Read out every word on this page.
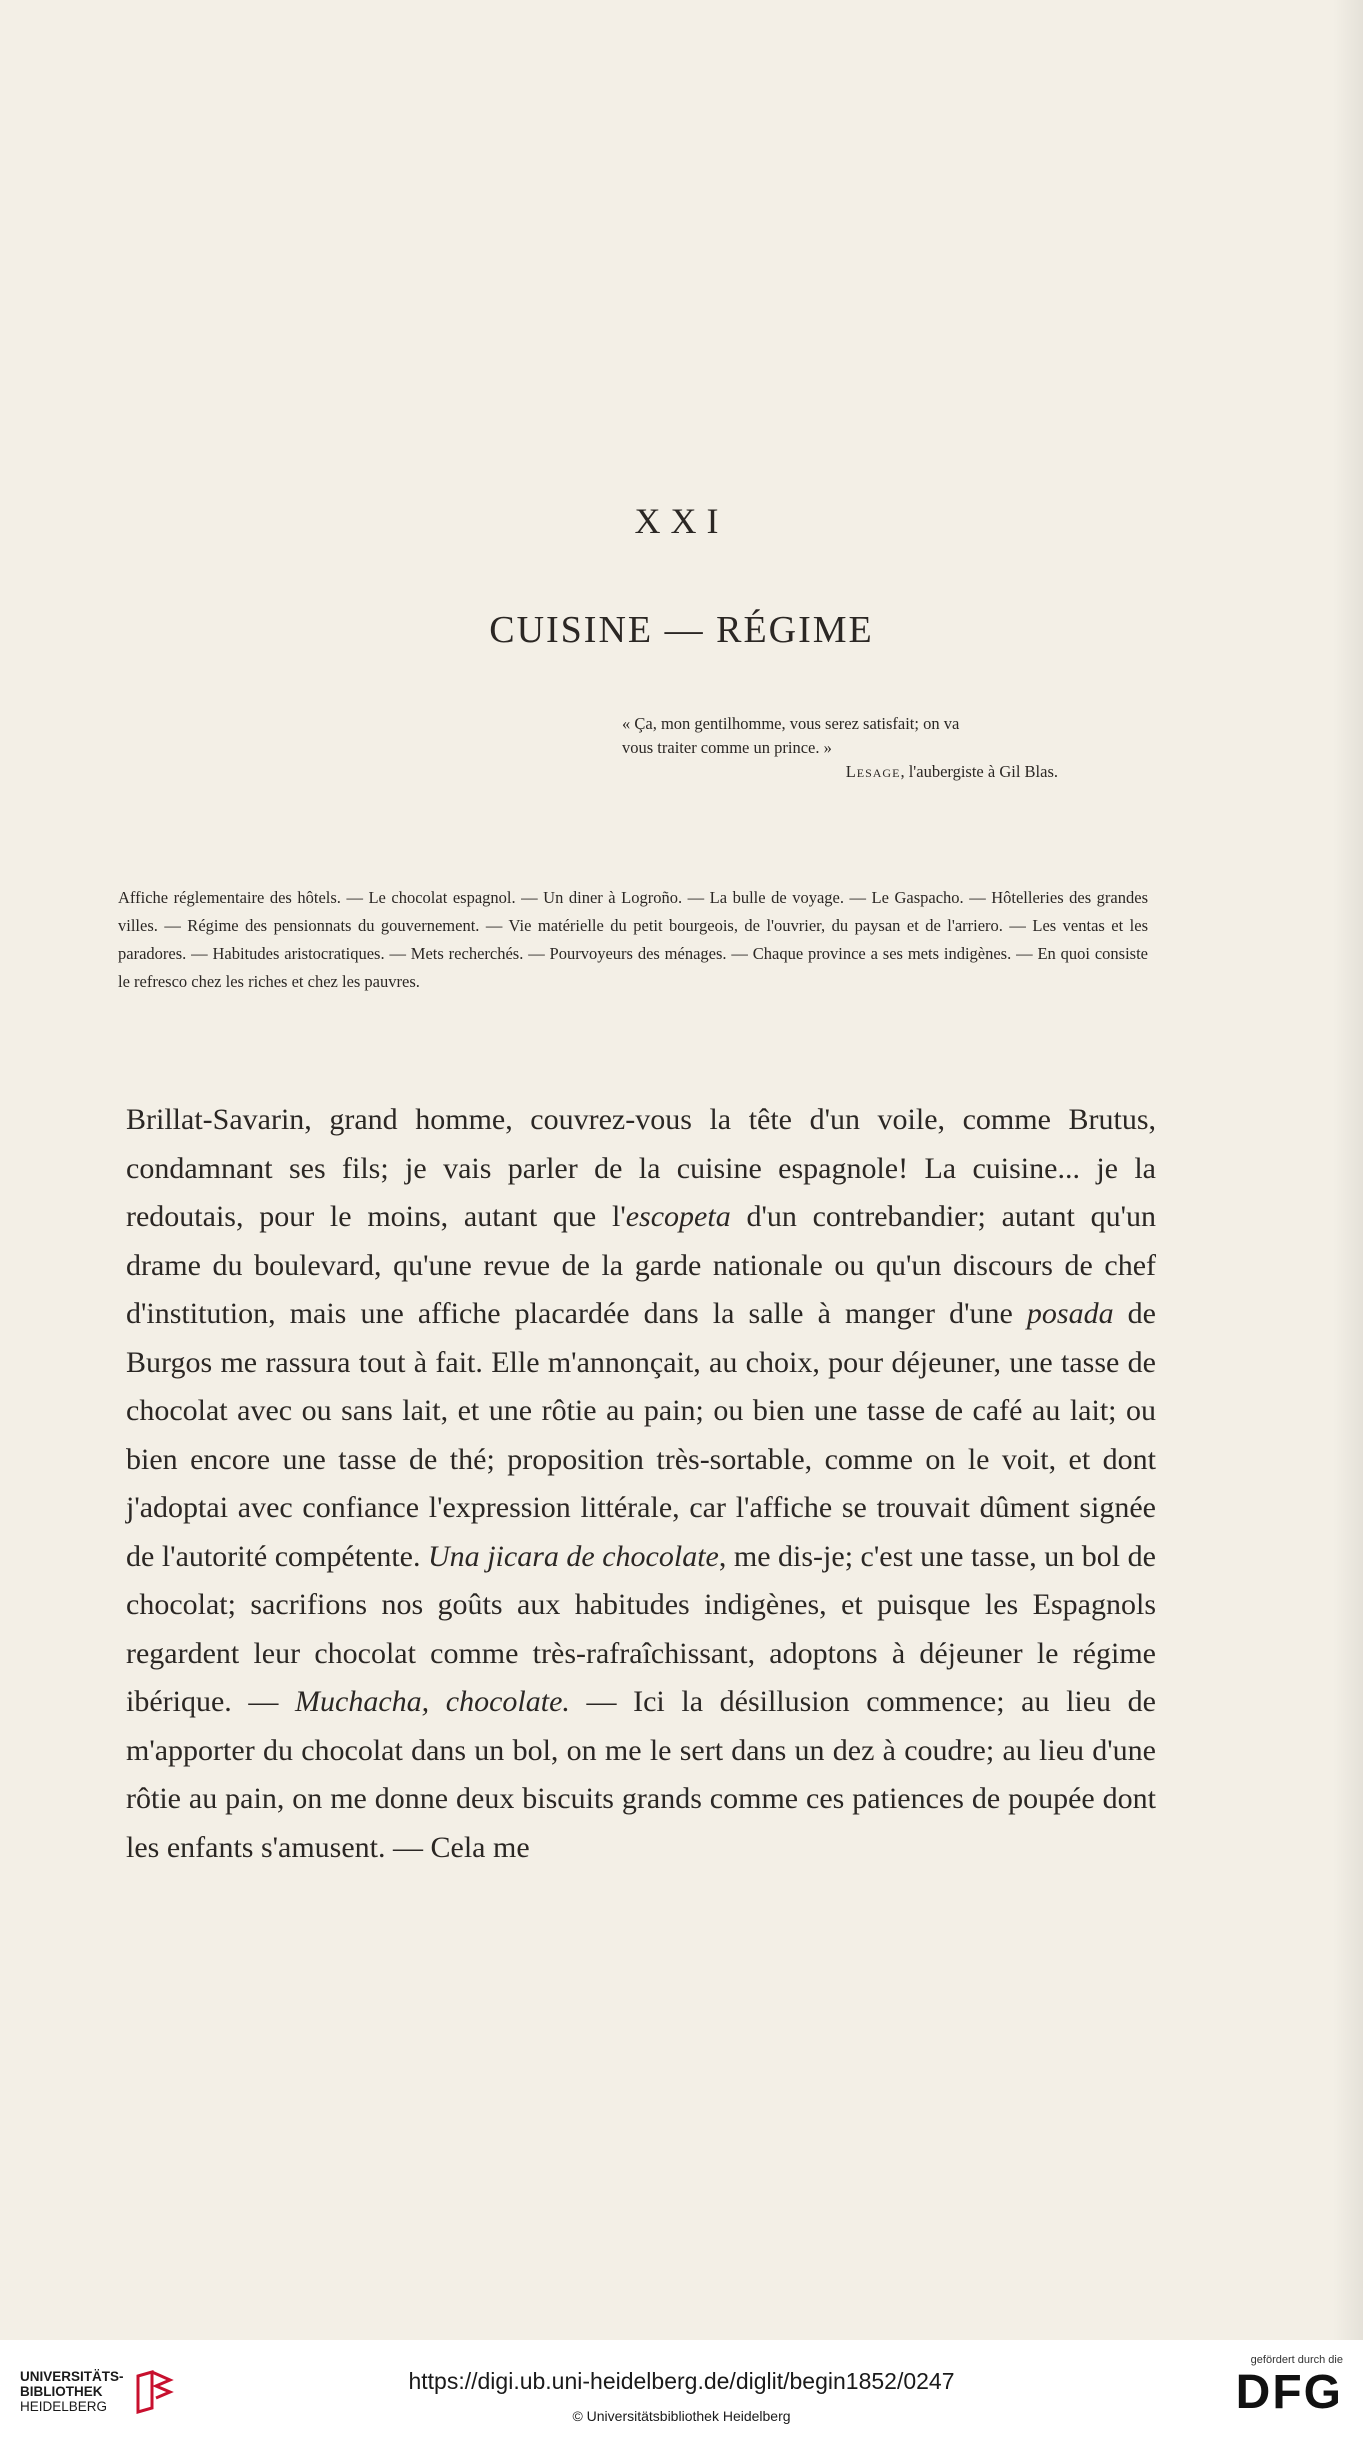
XXI
CUISINE — RÉGIME
« Ça, mon gentilhomme, vous serez satisfait; on va
vous traiter comme un prince. »
Lesage, l'aubergiste à Gil Blas.

Affiche réglementaire des hôtels. — Le chocolat espagnol. — Un diner à Logroño. — La bulle de voyage. — Le Gaspacho. — Hôtelleries des grandes villes. — Régime des pensionnats du gouvernement. — Vie matérielle du petit bourgeois, de l'ouvrier, du paysan et de l'arriero. — Les ventas et les paradores. — Habitudes aristocratiques. — Mets recherchés. — Pourvoyeurs des ménages. — Chaque province a ses mets indigènes. — En quoi consiste le refresco chez les riches et chez les pauvres.

Brillat-Savarin, grand homme, couvrez-vous la tête d'un voile, comme Brutus, condamnant ses fils; je vais parler de la cuisine espagnole! La cuisine... je la redoutais, pour le moins, autant que l'escopeta d'un contrebandier; autant qu'un drame du boulevard, qu'une revue de la garde nationale ou qu'un discours de chef d'institution, mais une affiche placardée dans la salle à manger d'une posada de Burgos me rassura tout à fait. Elle m'annonçait, au choix, pour déjeuner, une tasse de chocolat avec ou sans lait, et une rôtie au pain; ou bien une tasse de café au lait; ou bien encore une tasse de thé; proposition très-sortable, comme on le voit, et dont j'adoptai avec confiance l'expression littérale, car l'affiche se trouvait dûment signée de l'autorité compétente. Una jicara de chocolate, me dis-je; c'est une tasse, un bol de chocolat; sacrifions nos goûts aux habitudes indigènes, et puisque les Espagnols regardent leur chocolat comme très-rafraîchissant, adoptons à déjeuner le régime ibérique. — Muchacha, chocolate. — Ici la désillusion commence; au lieu de m'apporter du chocolat dans un bol, on me le sert dans un dez à coudre; au lieu d'une rôtie au pain, on me donne deux biscuits grands comme ces patiences de poupée dont les enfants s'amusent. — Cela me

UNIVERSITÄTS-
BIBLIOTHEK
HEIDELBERG
https://digi.ub.uni-heidelberg.de/diglit/begin1852/0247
© Universitätsbibliothek Heidelberg
gefördert durch die
DFG
